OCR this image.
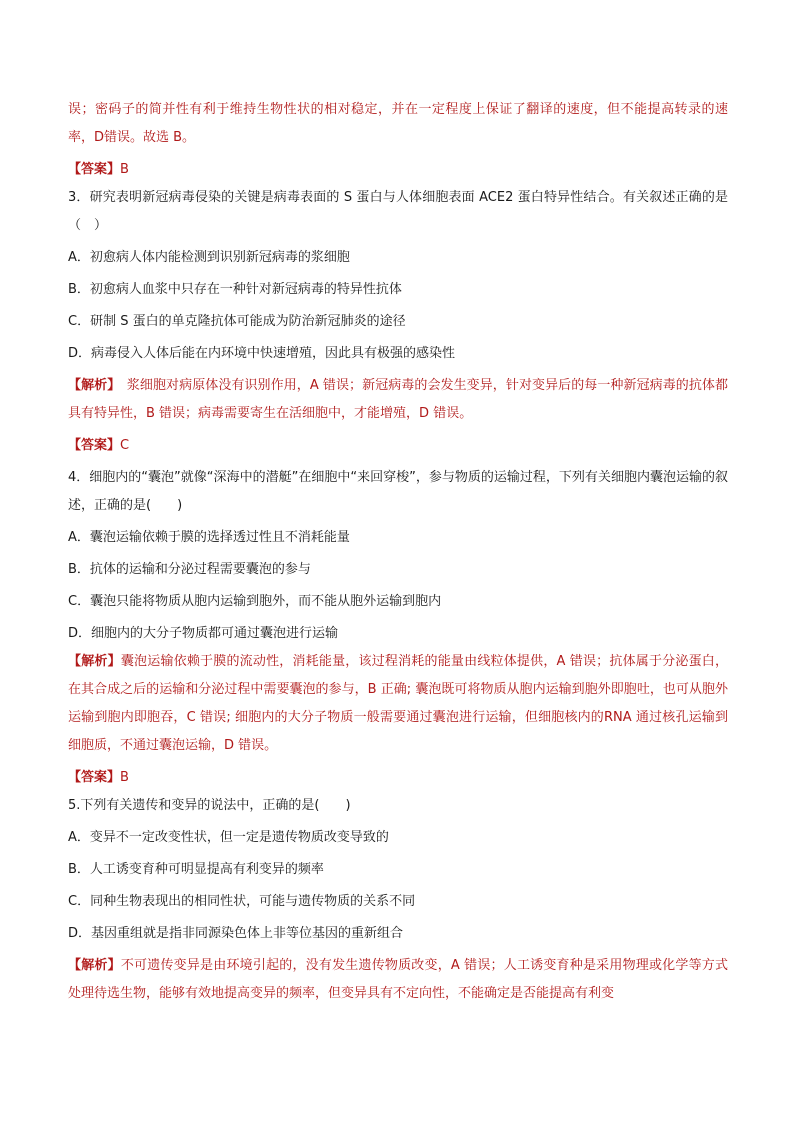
误；密码子的简并性有利于维持生物性状的相对稳定，并在一定程度上保证了翻译的速度，但不能提高转录的速率，D错误。故选 B。

【答案】B

3．研究表明新冠病毒侵染的关键是病毒表面的 S 蛋白与人体细胞表面 ACE2 蛋白特异性结合。有关叙述正确的是（　）

A．初愈病人体内能检测到识别新冠病毒的浆细胞

B．初愈病人血浆中只存在一种针对新冠病毒的特异性抗体

C．研制 S 蛋白的单克隆抗体可能成为防治新冠肺炎的途径

D．病毒侵入人体后能在内环境中快速增殖，因此具有极强的感染性

【解析】　浆细胞对病原体没有识别作用，A 错误；新冠病毒的会发生变异，针对变异后的每一种新冠病毒的抗体都具有特异性，B 错误；病毒需要寄生在活细胞中，才能增殖，D 错误。

【答案】C

4．细胞内的“囊泡”就像“深海中的潜艇”在细胞中“来回穿梭”，参与物质的运输过程，下列有关细胞内囊泡运输的叙述，正确的是(　　)

A．囊泡运输依赖于膜的选择透过性且不消耗能量

B．抗体的运输和分泌过程需要囊泡的参与

C．囊泡只能将物质从胞内运输到胞外，而不能从胞外运输到胞内

D．细胞内的大分子物质都可通过囊泡进行运输

【解析】囊泡运输依赖于膜的流动性，消耗能量，该过程消耗的能量由线粒体提供，A 错误；抗体属于分泌蛋白，在其合成之后的运输和分泌过程中需要囊泡的参与，B 正确; 囊泡既可将物质从胞内运输到胞外即胞吐，也可从胞外运输到胞内即胞吞，C 错误; 细胞内的大分子物质一般需要通过囊泡进行运输，但细胞核内的RNA 通过核孔运输到细胞质，不通过囊泡运输，D 错误。

【答案】B

5.下列有关遗传和变异的说法中，正确的是(　　)

A．变异不一定改变性状，但一定是遗传物质改变导致的

B．人工诱变育种可明显提高有利变异的频率

C．同种生物表现出的相同性状，可能与遗传物质的关系不同

D．基因重组就是指非同源染色体上非等位基因的重新组合

【解析】不可遗传变异是由环境引起的，没有发生遗传物质改变，A 错误；人工诱变育种是采用物理或化学等方式处理待选生物，能够有效地提高变异的频率，但变异具有不定向性，不能确定是否能提高有利变
